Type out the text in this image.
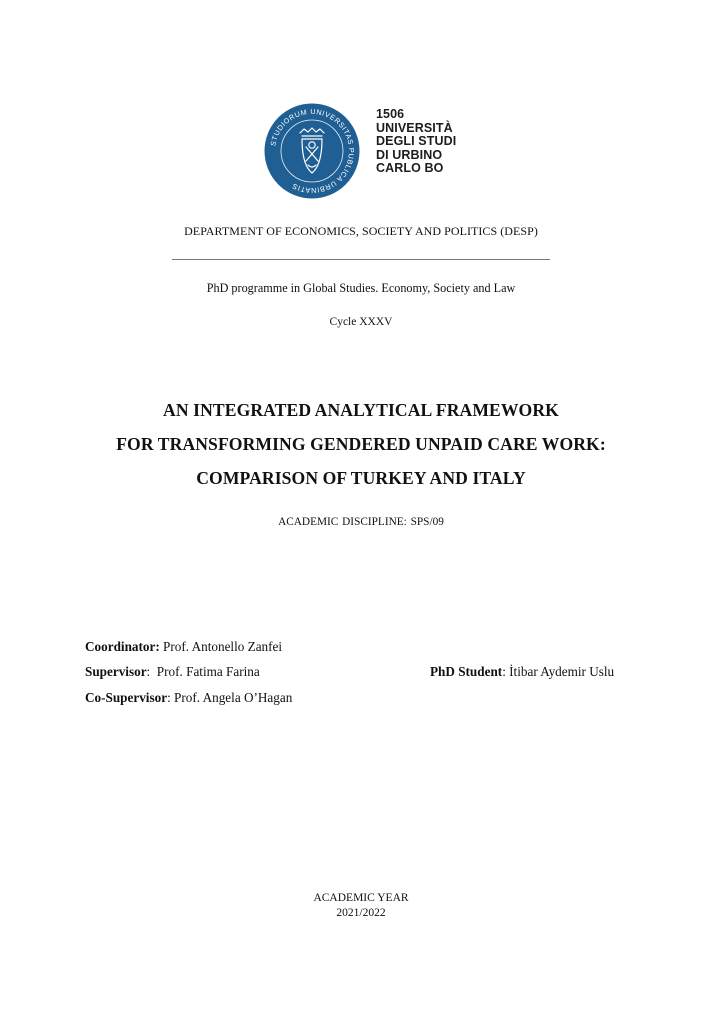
STUDIORUM UNIVERSITAS PUBLICA URBINATIS
1506
UNIVERSITÀ
DEGLI STUDI
DI URBINO
CARLO BO
DEPARTMENT OF ECONOMICS, SOCIETY AND POLITICS (DESP)
PhD programme in Global Studies. Economy, Society and Law
Cycle XXXV
AN INTEGRATED ANALYTICAL FRAMEWORK
FOR TRANSFORMING GENDERED UNPAID CARE WORK:
COMPARISON OF TURKEY AND ITALY
ACADEMIC DISCIPLINE: SPS/09
Coordinator: Prof. Antonello Zanfei
Supervisor:  Prof. Fatima Farina
Co-Supervisor: Prof. Angela O’Hagan
PhD Student: İtibar Aydemir Uslu
ACADEMIC YEAR
2021/2022
